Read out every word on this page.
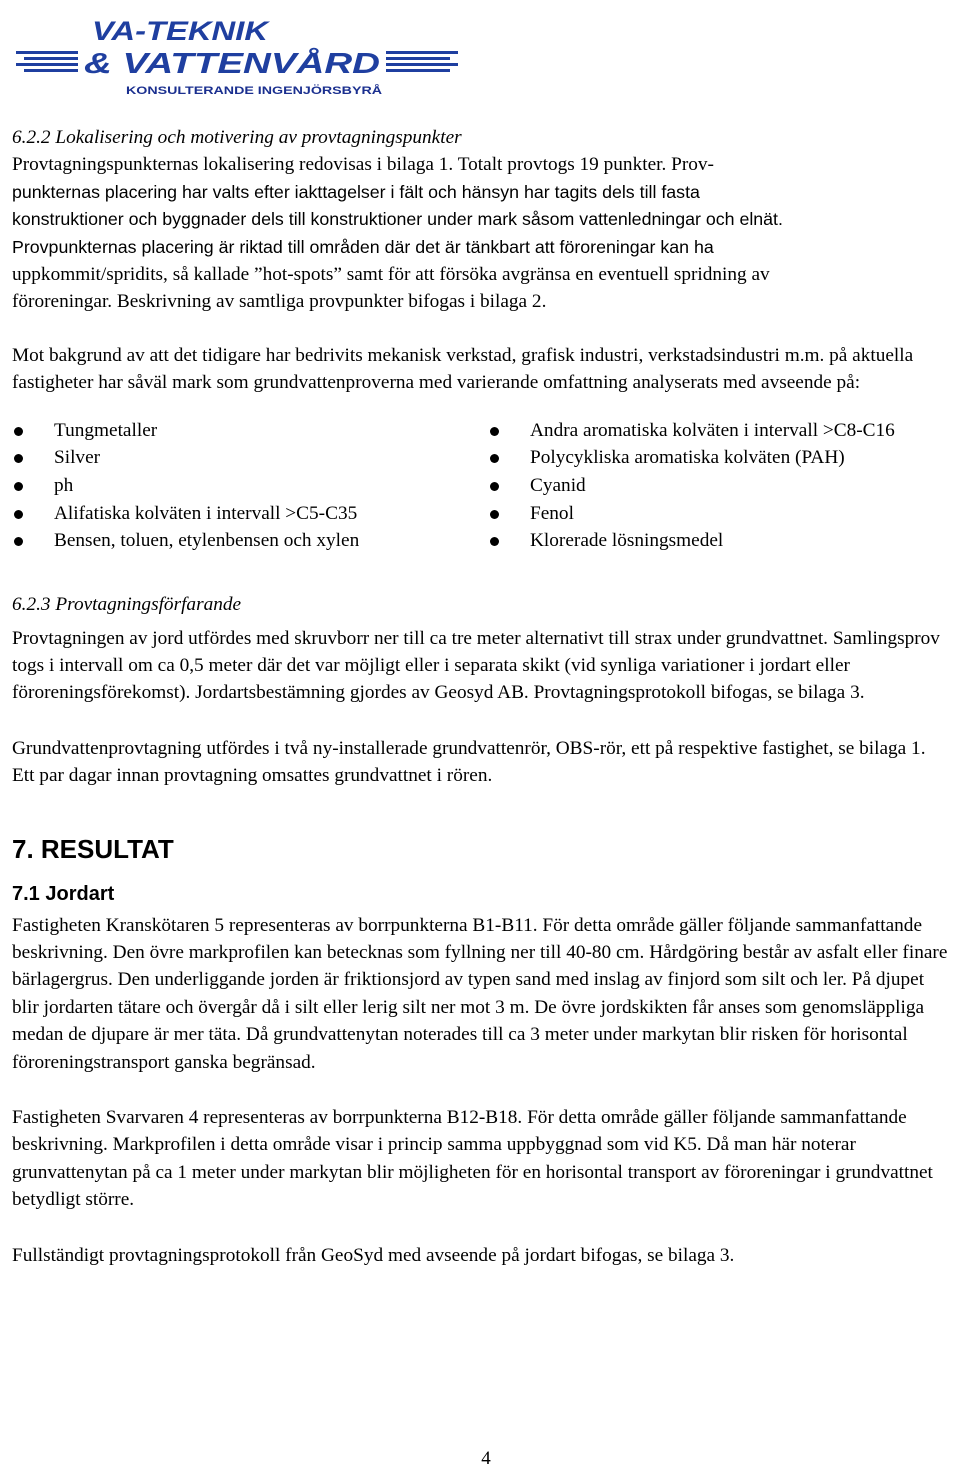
VA-TEKNIK
& VATTENVÅRD
KONSULTERANDE INGENJÖRSBYRÅ

6.2.2 Lokalisering och motivering av provtagningspunkter

Provtagningspunkternas lokalisering redovisas i bilaga 1. Totalt provtogs 19 punkter. Prov-

punkternas placering har valts efter iakttagelser i fält och hänsyn har tagits dels till fasta

konstruktioner och byggnader dels till konstruktioner under mark såsom vattenledningar och elnät.

Provpunkternas placering är riktad till områden där det är tänkbart att föroreningar kan ha

uppkommit/spridits, så kallade ”hot-spots” samt för att försöka avgränsa en eventuell spridning av

föroreningar. Beskrivning av samtliga provpunkter bifogas i bilaga 2.

Mot bakgrund av att det tidigare har bedrivits mekanisk verkstad, grafisk industri, verkstadsindustri m.m. på aktuella fastigheter har såväl mark som grundvattenproverna med varierande omfattning analyserats med avseende på:

Tungmetaller
Silver
ph
Alifatiska kolväten i intervall >C5-C35
Bensen, toluen, etylenbensen och xylen
Andra aromatiska kolväten i intervall >C8-C16
Polycykliska aromatiska kolväten (PAH)
Cyanid
Fenol
Klorerade lösningsmedel

6.2.3 Provtagningsförfarande

Provtagningen av jord utfördes med skruvborr ner till ca tre meter alternativt till strax under grundvattnet. Samlingsprov togs i intervall om ca 0,5 meter där det var möjligt eller i separata skikt (vid synliga variationer i jordart eller föroreningsförekomst). Jordartsbestämning gjordes av Geosyd AB. Provtagningsprotokoll bifogas, se bilaga 3.

Grundvattenprovtagning utfördes i två ny-installerade grundvattenrör, OBS-rör, ett på respektive fastighet, se bilaga 1. Ett par dagar innan provtagning omsattes grundvattnet i rören.

7. RESULTAT
7.1 Jordart

Fastigheten Kranskötaren 5 representeras av borrpunkterna B1-B11. För detta område gäller följande sammanfattande beskrivning. Den övre markprofilen kan betecknas som fyllning ner till 40-80 cm. Hårdgöring består av asfalt eller finare bärlagergrus. Den underliggande jorden är friktionsjord av typen sand med inslag av finjord som silt och ler. På djupet blir jordarten tätare och övergår då i silt eller lerig silt ner mot 3 m. De övre jordskikten får anses som genomsläppliga medan de djupare är mer täta. Då grundvattenytan noterades till ca 3 meter under markytan blir risken för horisontal föroreningstransport ganska begränsad.

Fastigheten Svarvaren 4 representeras av borrpunkterna B12-B18. För detta område gäller följande sammanfattande beskrivning. Markprofilen i detta område visar i princip samma uppbyggnad som vid K5. Då man här noterar grunvattenytan på ca 1 meter under markytan blir möjligheten för en horisontal transport av föroreningar i grundvattnet betydligt större.

Fullständigt provtagningsprotokoll från GeoSyd med avseende på jordart bifogas, se bilaga 3.

4
